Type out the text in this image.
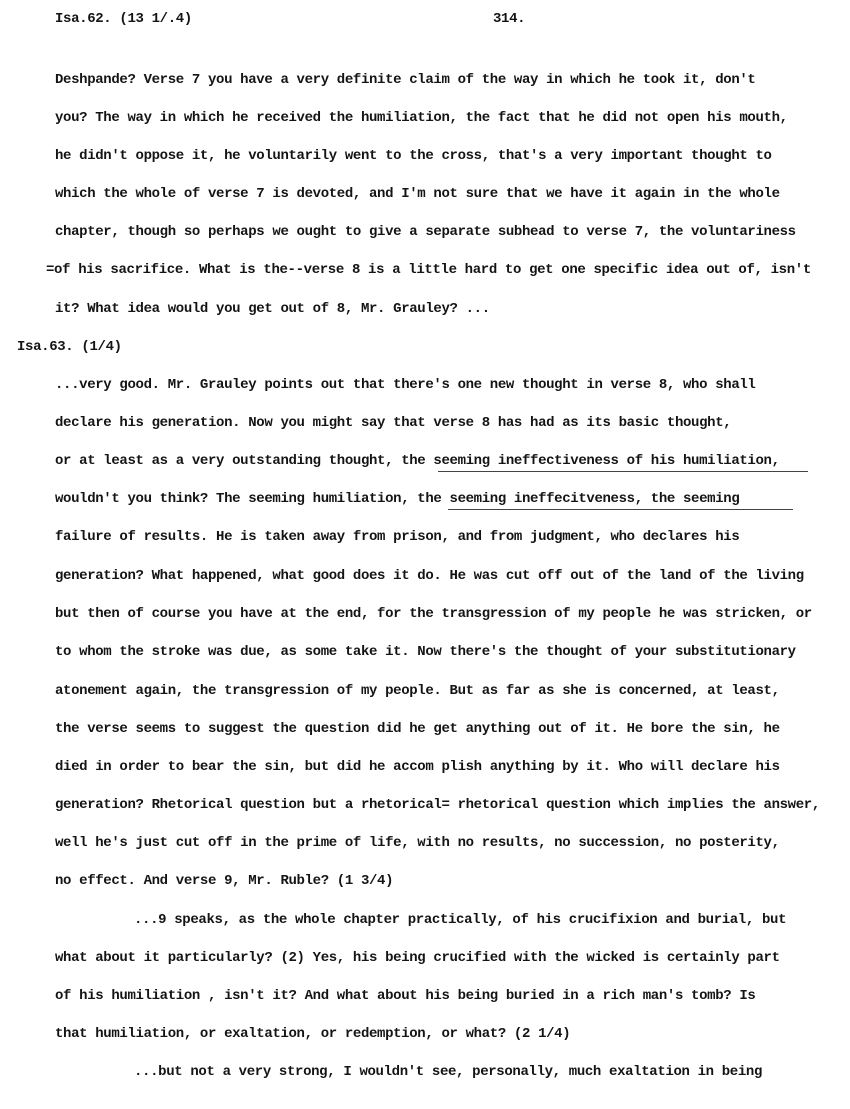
Isa.62. (13 1/.4)	314.
Deshpande? Verse 7 you have a very definite claim of the way in which he took it, don't
you? The way in which he received the humiliation, the fact that he did not open his mouth,
he didn't oppose it, he voluntarily went to the cross, that's a very important thought to
which the whole of verse 7 is devoted, and I'm not sure that we have it again in the whole
chapter, though so perhaps we ought to give a separate subhead to verse 7, the voluntariness
=of his sacrifice. What is the--verse 8 is a little hard to get one specific idea out of, isn't
it? What idea would you get out of 8, Mr. Grauley? ...
Isa.63. (1/4)
...very good. Mr. Grauley points out that there's one new thought in verse 8, who shall
declare his generation. Now you might say that verse 8 has had as its basic thought,
or at least as a very outstanding thought, the seeming ineffectiveness of his humiliation,
wouldn't you think? The seeming humiliation, the seeming ineffecitveness, the seeming
failure of results. He is taken away from prison, and from judgment, who declares his
generation? What happened, what good does it do. He was cut off out of the land of the living
but then of course you have at the end, for the transgression of my people he was stricken, or
to whom the stroke was due, as some take it. Now there's the thought of your substitutionary
atonement again, the transgression of my people. But as far as she is concerned, at least,
the verse seems to suggest the question did he get anything out of it. He bore the sin, he
died in order to bear the sin, but did he accom plish anything by it. Who will declare his
generation? Rhetorical question but a rhetorical= rhetorical question which implies the answer,
well he's just cut off in the prime of life, with no results, no succession, no posterity,
no effect. And verse 9, Mr. Ruble? (1 3/4)
...9 speaks, as the whole chapter practically, of his crucifixion and burial, but
what about it particularly? (2) Yes, his being crucified with the wicked is certainly part
of his humiliation , isn't it? And what about his being buried in a rich man's tomb? Is
that humiliation, or exaltation, or redemption, or what? (2 1/4)
...but not a very strong, I wouldn't see, personally, much exaltation in being
